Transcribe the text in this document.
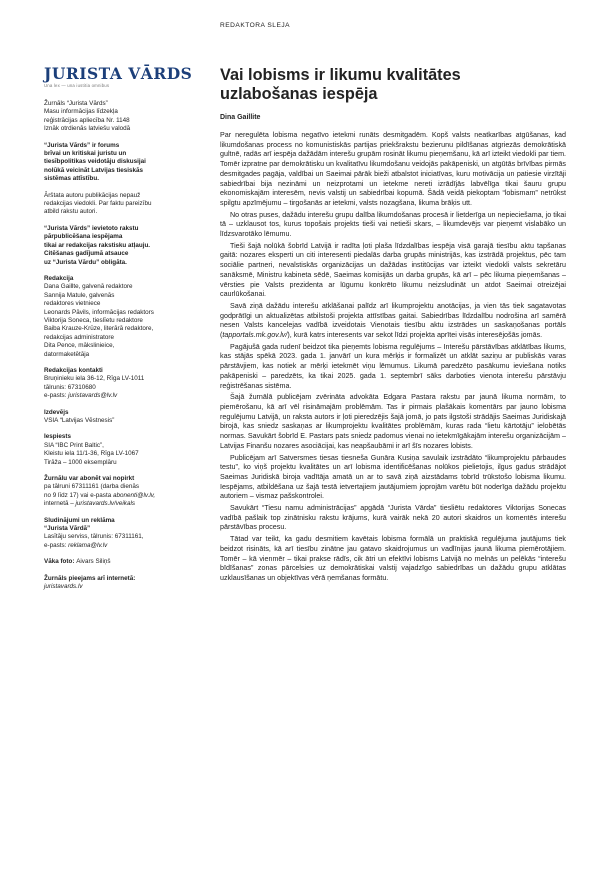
REDAKTORA SLEJA
JURISTA VĀRDS
Una lex — una iustitia omnibus

Žurnāls “Jurista Vārds”

Masu informācijas līdzekļa

reģistrācijas apliecība Nr. 1148

Iznāk otrdienās latviešu valodā

“Jurista Vārds” ir forums

brīvai un kritiskai juristu un

tiesībpolitikas veidotāju diskusijai

nolūkā veicināt Latvijas tiesiskās

sistēmas attīstību.

Ārštata autoru publikācijas nepauž

redakcijas viedokli. Par faktu pareizību

atbild rakstu autori.

“Jurista Vārds” ievietoto rakstu

pārpublicēšana iespējama

tikai ar redakcijas rakstisku atļauju.

Citēšanas gadījumā atsauce

uz “Jurista Vārdu” obligāta.

Redakcija

Dana Gaillte, galvenā redaktore

Sannija Matule, galvenās

redaktores vietniece

Leonards Pāvils, informācijas redaktors

Viktorija Soneca, tieslīetu redaktore

Baiba Krauze-Krūze, literārā redaktore,

redakcijas administratore

Dita Pence, mākslinieice,

datormaketētāja

Redakcijas kontakti

Bruņinieku iela 36-12, Rīga LV-1011

tālrunis: 67310680

e-pasts: juristavards@lv.lv

Izdevējs

VSIA “Latvijas Vēstnesis”

Iespiests

SIA “IBC Print Baltic”,

Kleistu iela 11/1-36, Rīga LV-1067

Tirāža – 1000 eksemplāru

Žurnālu var abonēt vai nopirkt

pa tālruni 67311161 (darba dienās

no 9 līdz 17) vai e-pasta abonenti@lv.lv,

internetā – juristavards.lv/veikals

Sludinājumi un reklāma

“Jurista Vārdā”

Lasītāju serviss, tālrunis: 67311161,

e-pasts: reklama@lv.lv

Vāka foto: Aivars Siliņš

Žurnāls pieejams arī internetā:

juristavards.lv

Vai lobisms ir likumu kvalitātes uzlabošanas iespēja
Dina Gaillite

Par neregulēta lobisma negatīvo ietekmi runāts desmitgadēm. Kopš valsts neatkarības atgūšanas, kad likumdošanas process no komunistiskās partijas priekšrakstu bezierunu pildīšanas atgriezās demokrātiskā gultnē, radās arī iespēja dažādām interešu grupām rosināt likumu pieņemšanu, kā arī izteikt viedokli par tiem. Tomēr izpratne par demokrātisku un kvalitatīvu likumdošanu veidojās pakāpeniski, un atgūtās brīvības pirmās desmitgades pagāja, valdībai un Saeimai pārāk bieži atbalstot iniciatīvas, kuru motivācija un patiesie virzītāji sabiedrībai bija nezināmi un neizprotami un ietekme nereti izrādījās labvēlīga tikai šauru grupu ekonomiskajām interesēm, nevis valstij un sabiedrībai kopumā. Šādā veidā piekoptam “lobismam” netrūkst spilgtu apzīmējumu – tirgošanās ar ietekmi, valsts nozagšana, likuma brāķis utt.

No otras puses, dažādu interešu grupu dalība likumdošanas procesā ir lietderīga un nepieciešama, jo tikai tā – uzklausot tos, kurus topošais projekts tieši vai netieši skars, – likumdevējs var pieņemt vislabāko un līdzsvarotāko lēmumu.

Tieši šajā nolūkā šobrīd Latvijā ir radīta ļoti plaša līdzdalības iespēja visā garajā tiesību aktu tapšanas gaitā: nozares eksperti un citi interesenti piedalās darba grupās ministrijās, kas izstrādā projektus, pēc tam sociālie partneri, nevalstiskās organizācijas un dažādas institūcijas var izteikt viedokli valsts sekretāru sanāksmē, Ministru kabineta sēdē, Saeimas komisijās un darba grupās, kā arī – pēc likuma pieņemšanas – vērsties pie Valsts prezidenta ar lūgumu konkrēto likumu neizsludināt un atdot Saeimai otreizējai caurlūkošanai.

Savā ziņā dažādu interešu atklāšanai palīdz arī likumprojektu anotācijas, ja vien tās tiek sagatavotas godprātīgi un aktualizētas atbilstoši projekta attīstības gaitai. Sabiedrības līdzdalību nodrošina arī samērā nesen Valsts kancelejas vadībā izveidotais Vienotais tiesību aktu izstrādes un saskaņošanas portāls (tapportals.mk.gov.lv/), kurā katrs interesents var sekot līdzi projekta aprītei visās interesējošās jomās.

Pagājušā gada rudenī beidzot tika pieņemts lobisma regulējums – Interešu pārstāvības atklātības likums, kas stājās spēkā 2023. gada 1. janvārī un kura mērķis ir formalizēt un atklāt saziņu ar publiskās varas pārstāvjiem, kas notiek ar mērķi ietekmēt viņu lēmumus. Likumā paredzēto pasākumu ieviešana notiks pakāpeniski – paredzēts, ka tikai 2025. gada 1. septembrī sāks darboties vienota interešu pārstāvju reģistrēšanas sistēma.

Šajā žurnālā publicējam zvērināta advokāta Edgara Pastara rakstu par jaunā likuma normām, to piemērošanu, kā arī vēl risināmajām problēmām. Tas ir pirmais plašākais komentārs par jauno lobisma regulējumu Latvijā, un raksta autors ir ļoti pieredzējis šajā jomā, jo pats ilgstoši strādājis Saeimas Juridiskajā birojā, kas sniedz saskaņas ar likumprojektu kvalitātes problēmām, kuras rada “lietu kārtotāju” ielobētās normas. Savukārt šobrīd E. Pastars pats sniedz padomus vienai no ietekmīgākajām interešu organizācijām – Latvijas Finanšu nozares asociācijai, kas neapšaubāmi ir arī šīs nozares lobists.

Publicējam arī Satversmes tiesas tiesneša Gunāra Kusiņa savulaik izstrādāto “likumprojektu pārbaudes testu”, ko viņš projektu kvalitātes un arī lobisma identificēšanas nolūkos pielietojis, ilgus gadus strādājot Saeimas Juridiskā biroja vadītāja amatā un ar to savā ziņā aizstādams tobrīd trūkstošo lobisma likumu. Iespējams, atbildēšana uz šajā testā ietvertajiem jautājumiem joprojām varētu būt noderīga dažādu projektu autoriem – vismaz pašskontrolei.

Savukārt “Tiesu namu administrācijas” apgādā “Jurista Vārda” tiesliētu redaktores Viktorijas Sonecas vadībā pašlaik top zinātnisku rakstu krājums, kurā vairāk nekā 20 autori skaidros un komentēs interešu pārstāvības procesu.

Tātad var teikt, ka gadu desmitiem kavētais lobisma formālā un praktiskā regulējuma jautājums tiek beidzot risināts, kā arī tiesību zinātne jau gatavo skaidrojumus un vadlīnijas jaunā likuma piemērotājiem. Tomēr – kā vienmēr – tikai prakse rādīs, cik ātri un efektīvi lobisms Latvijā no melnās un pelēkās “interešu bīdīšanas” zonas pārcelsies uz demokrātiskai valstij vajadzīgo sabiedrības un dažādu grupu atklātas uzklausīšanas un objektīvas vērā ņemšanas formātu.
